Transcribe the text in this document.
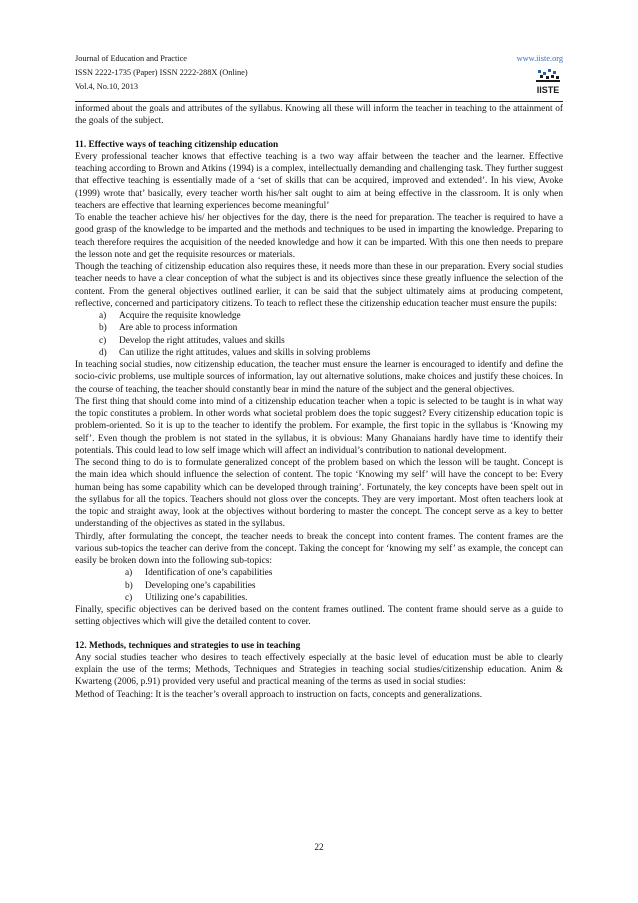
Journal of Education and Practice
ISSN 2222-1735 (Paper) ISSN 2222-288X (Online)
Vol.4, No.10, 2013
www.iiste.org
IISTE

informed about the goals and attributes of the syllabus. Knowing all these will inform the teacher in teaching to the attainment of the goals of the subject.

11. Effective ways of teaching citizenship education

Every professional teacher knows that effective teaching is a two way affair between the teacher and the learner. Effective teaching according to Brown and Atkins (1994) is a complex, intellectually demanding and challenging task. They further suggest that effective teaching is essentially made of a ‘set of skills that can be acquired, improved and extended’. In his view, Avoke (1999) wrote that’ basically, every teacher worth his/her salt ought to aim at being effective in the classroom. It is only when teachers are effective that learning experiences become meaningful’

To enable the teacher achieve his/ her objectives for the day, there is the need for preparation. The teacher is required to have a good grasp of the knowledge to be imparted and the methods and techniques to be used in imparting the knowledge. Preparing to teach therefore requires the acquisition of the needed knowledge and how it can be imparted. With this one then needs to prepare the lesson note and get the requisite resources or materials.

Though the teaching of citizenship education also requires these, it needs more than these in our preparation. Every social studies teacher needs to have a clear conception of what the subject is and its objectives since these greatly influence the selection of the content. From the general objectives outlined earlier, it can be said that the subject ultimately aims at producing competent, reflective, concerned and participatory citizens. To teach to reflect these the citizenship education teacher must ensure the pupils:

a) Acquire the requisite knowledge
b) Are able to process information
c) Develop the right attitudes, values and skills
d) Can utilize the right attitudes, values and skills in solving problems

In teaching social studies, now citizenship education, the teacher must ensure the learner is encouraged to identify and define the socio-civic problems, use multiple sources of information, lay out alternative solutions, make choices and justify these choices. In the course of teaching, the teacher should constantly bear in mind the nature of the subject and the general objectives.

The first thing that should come into mind of a citizenship education teacher when a topic is selected to be taught is in what way the topic constitutes a problem. In other words what societal problem does the topic suggest? Every citizenship education topic is problem-oriented. So it is up to the teacher to identify the problem. For example, the first topic in the syllabus is ‘Knowing my self’. Even though the problem is not stated in the syllabus, it is obvious: Many Ghanaians hardly have time to identify their potentials. This could lead to low self image which will affect an individual’s contribution to national development.

The second thing to do is to formulate generalized concept of the problem based on which the lesson will be taught. Concept is the main idea which should influence the selection of content. The topic ‘Knowing my self’ will have the concept to be: Every human being has some capability which can be developed through training’. Fortunately, the key concepts have been spelt out in the syllabus for all the topics. Teachers should not gloss over the concepts. They are very important. Most often teachers look at the topic and straight away, look at the objectives without bordering to master the concept. The concept serve as a key to better understanding of the objectives as stated in the syllabus.

Thirdly, after formulating the concept, the teacher needs to break the concept into content frames. The content frames are the various sub-topics the teacher can derive from the concept. Taking the concept for ‘knowing my self’ as example, the concept can easily be broken down into the following sub-topics:

a) Identification of one’s capabilities
b) Developing one’s capabilities
c) Utilizing one’s capabilities.

Finally, specific objectives can be derived based on the content frames outlined. The content frame should serve as a guide to setting objectives which will give the detailed content to cover.

12. Methods, techniques and strategies to use in teaching

Any social studies teacher who desires to teach effectively especially at the basic level of education must be able to clearly explain the use of the terms; Methods, Techniques and Strategies in teaching social studies/citizenship education. Anim & Kwarteng (2006, p.91) provided very useful and practical meaning of the terms as used in social studies:

Method of Teaching: It is the teacher’s overall approach to instruction on facts, concepts and generalizations.

22
